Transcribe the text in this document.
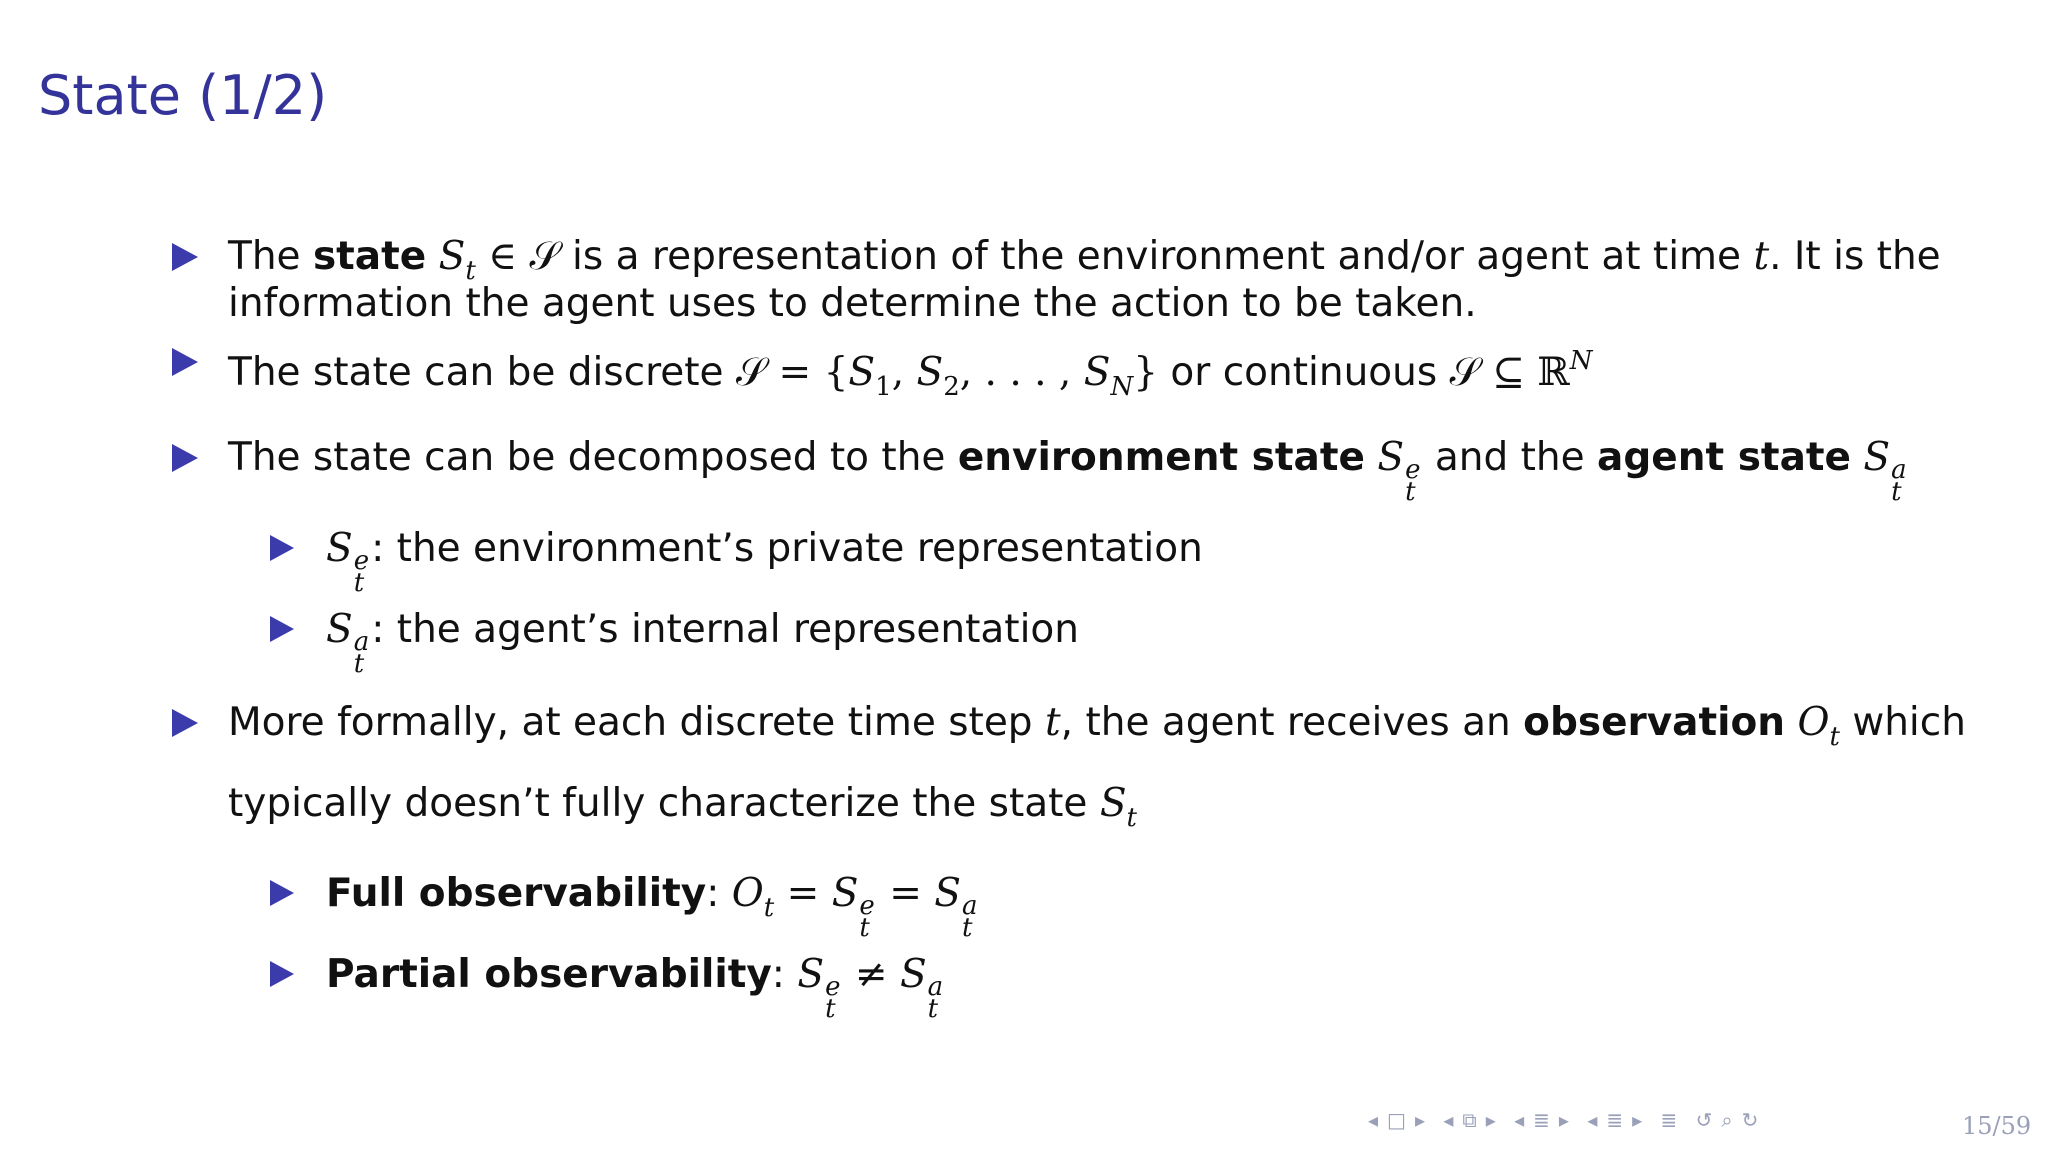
State (1/2)
The state $S_t$ ∈ 𝒮 is a representation of the environment and/or agent at time t. It is the
information the agent uses to determine the action to be taken.
The state can be discrete 𝒮 = {$S_1$, $S_2$, . . . , $S_N$} or continuous 𝒮 ⊆ ℝ$^N$
The state can be decomposed to the environment state S e
t
and the agent state S a
t
S e
t
: the environment’s private representation
S a
t
: the agent’s internal representation
More formally, at each discrete time step t, the agent receives an observation $O_t$ which
typically doesn’t fully characterize the state $S_t$
Full observability: $O_t = S$ e
t
= S a
t
Partial observability: S e
t
≠ S a
t
◂ □ ▸ ◂ ⧉ ▸ ◂ ≣ ▸ ◂ ≣ ▸ ≣ ↺ ⌕ ↻	15/59
